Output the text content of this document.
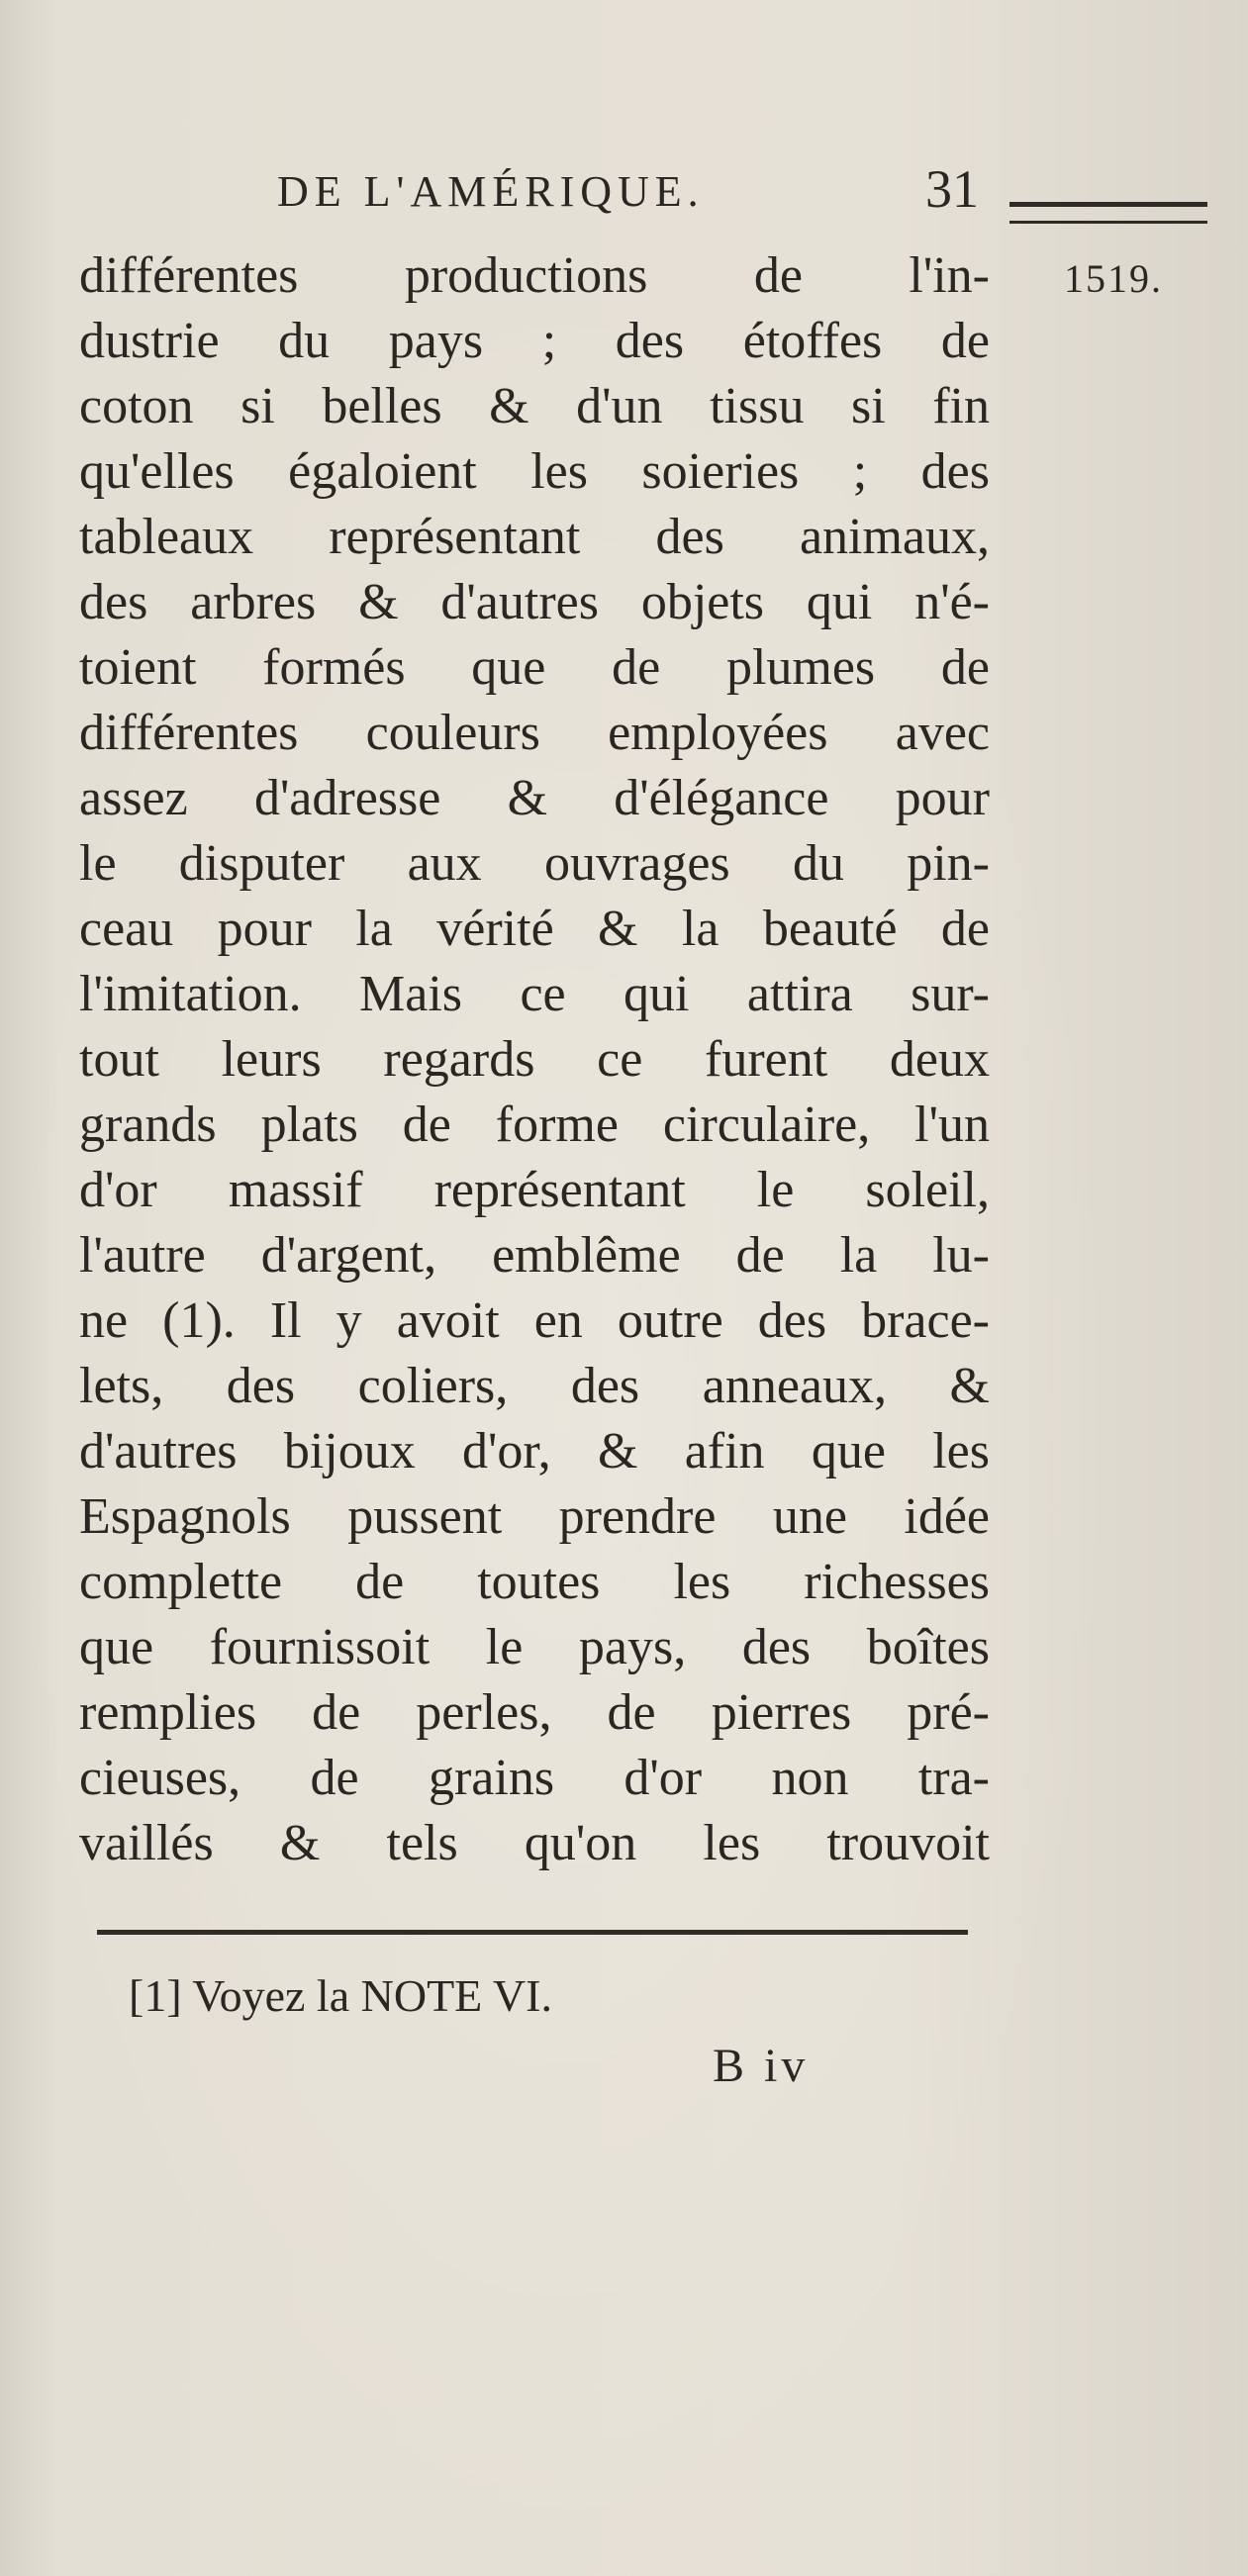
DE L'AMÉRIQUE.	31
1519.
différentes productions de l'in-
dustrie du pays ; des étoffes de
coton si belles & d'un tissu si fin
qu'elles égaloient les soieries ; des
tableaux représentant des animaux,
des arbres & d'autres objets qui n'é-
toient formés que de plumes de
différentes couleurs employées avec
assez d'adresse & d'élégance pour
le disputer aux ouvrages du pin-
ceau pour la vérité & la beauté de
l'imitation. Mais ce qui attira sur-
tout leurs regards ce furent deux
grands plats de forme circulaire, l'un
d'or massif représentant le soleil,
l'autre d'argent, emblême de la lu-
ne (1). Il y avoit en outre des brace-
lets, des coliers, des anneaux, &
d'autres bijoux d'or, & afin que les
Espagnols pussent prendre une idée
complette de toutes les richesses
que fournissoit le pays, des boîtes
remplies de perles, de pierres pré-
cieuses, de grains d'or non tra-
vaillés & tels qu'on les trouvoit
[1] Voyez la NOTE VI.
B iv
